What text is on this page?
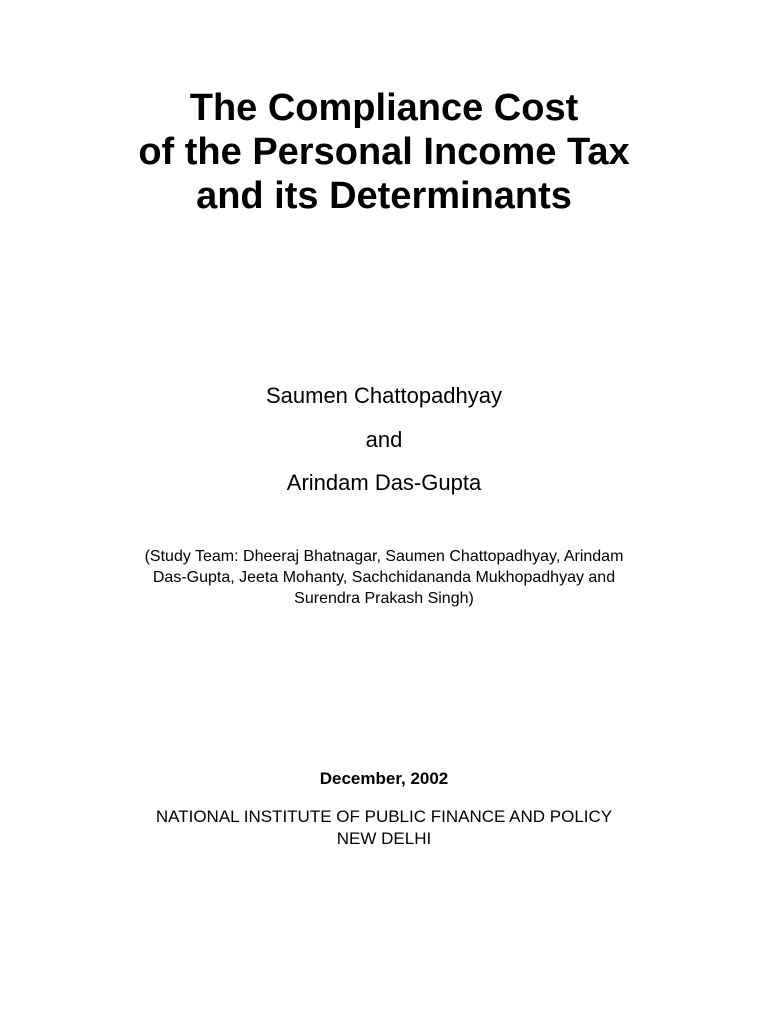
The Compliance Cost
of the Personal Income Tax
and its Determinants
Saumen Chattopadhyay
and
Arindam Das-Gupta
(Study Team: Dheeraj Bhatnagar, Saumen Chattopadhyay, Arindam
Das-Gupta, Jeeta Mohanty, Sachchidananda Mukhopadhyay and
Surendra Prakash Singh)
December, 2002
NATIONAL INSTITUTE OF PUBLIC FINANCE AND POLICY
NEW DELHI
